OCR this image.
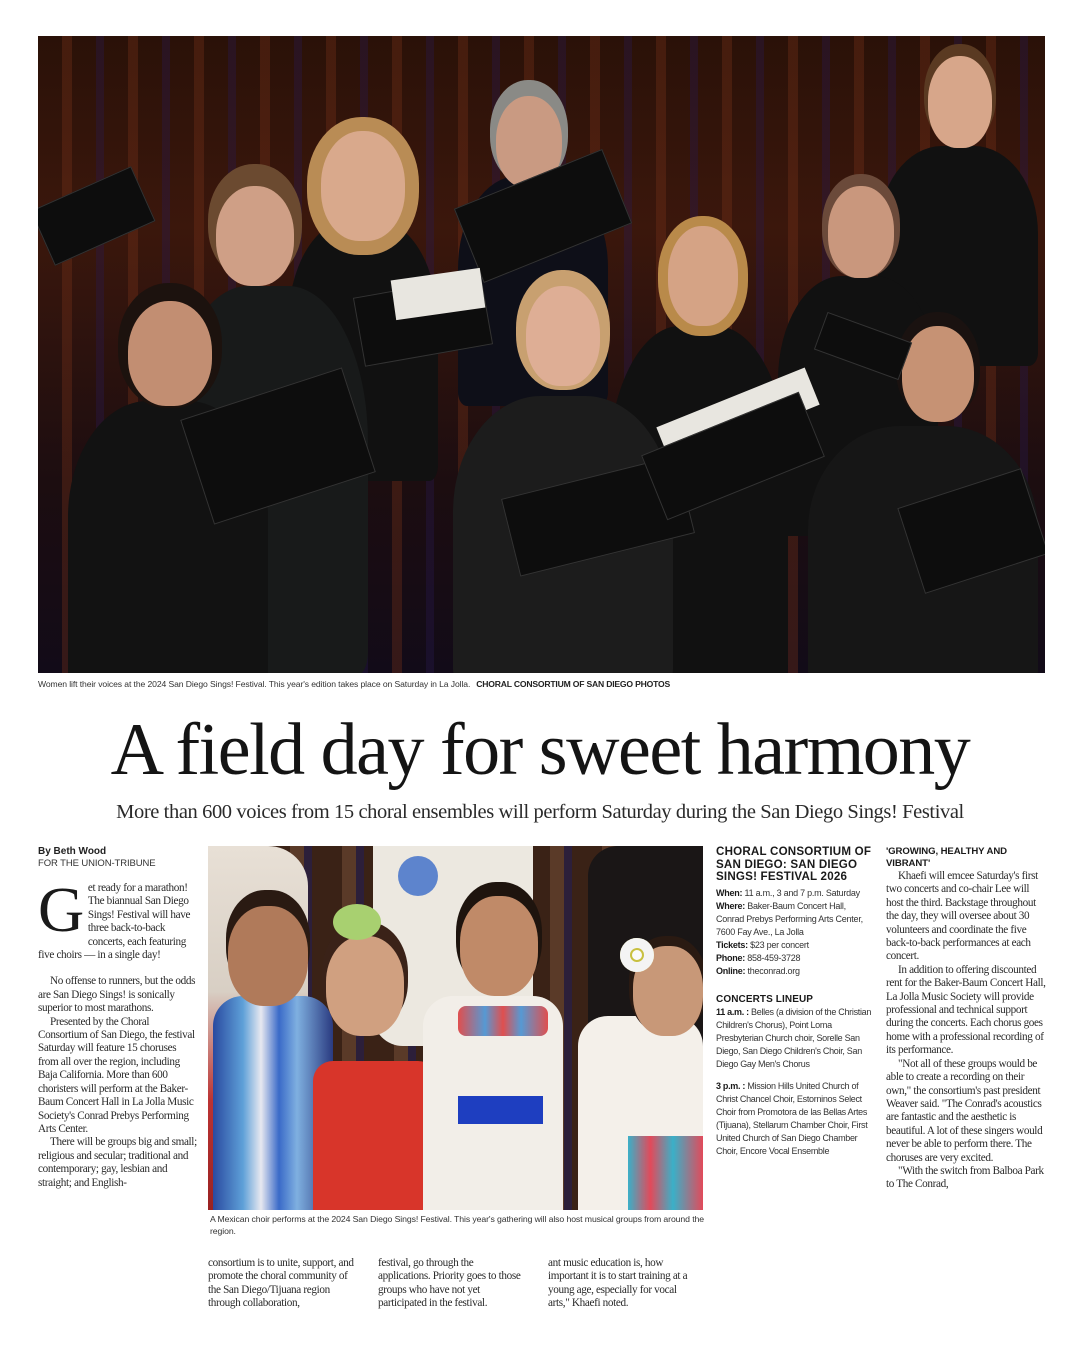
Women lift their voices at the 2024 San Diego Sings! Festival. This year's edition takes place on Saturday in La Jolla. CHORAL CONSORTIUM OF SAN DIEGO PHOTOS
A field day for sweet harmony
More than 600 voices from 15 choral ensembles will perform Saturday during the San Diego Sings! Festival
By Beth Wood
FOR THE UNION-TRIBUNE

Get ready for a marathon! The biannual San Diego Sings! Festival will have three back-to-back concerts, each featuring five choirs — in a single day!

No offense to runners, but the odds are San Diego Sings! is sonically superior to most marathons.

Presented by the Choral Consortium of San Diego, the festival Saturday will feature 15 choruses from all over the region, including Baja California. More than 600 choristers will perform at the Baker-Baum Concert Hall in La Jolla Music Society's Conrad Prebys Performing Arts Center.

There will be groups big and small; religious and secular; traditional and contemporary; gay, lesbian and straight; and English-

A Mexican choir performs at the 2024 San Diego Sings! Festival. This year's gathering will also host musical groups from around the region.

consortium is to unite, support, and promote the choral community of the San Diego/Tijuana region through collaboration,

festival, go through the applications. Priority goes to those groups who have not yet participated in the festival.

ant music education is, how important it is to start training at a young age, especially for vocal arts," Khaefi noted.

CHORAL CONSORTIUM OF SAN DIEGO: SAN DIEGO SINGS! FESTIVAL 2026
When: 11 a.m., 3 and 7 p.m. Saturday
Where: Baker-Baum Concert Hall, Conrad Prebys Performing Arts Center, 7600 Fay Ave., La Jolla
Tickets: $23 per concert
Phone: 858-459-3728
Online: theconrad.org
CONCERTS LINEUP
11 a.m. : Belles (a division of the Christian Children's Chorus), Point Loma Presbyterian Church choir, Sorelle San Diego, San Diego Children's Choir, San Diego Gay Men's Chorus
3 p.m. : Mission Hills United Church of Christ Chancel Choir, Estorninos Select Choir from Promotora de las Bellas Artes (Tijuana), Stellarum Chamber Choir, First United Church of San Diego Chamber Choir, Encore Vocal Ensemble
'GROWING, HEALTHY AND VIBRANT'

Khaefi will emcee Saturday's first two concerts and co-chair Lee will host the third. Backstage throughout the day, they will oversee about 30 volunteers and coordinate the five back-to-back performances at each concert.

In addition to offering discounted rent for the Baker-Baum Concert Hall, La Jolla Music Society will provide professional and technical support during the concerts. Each chorus goes home with a professional recording of its performance.

"Not all of these groups would be able to create a recording on their own," the consortium's past president Weaver said. "The Conrad's acoustics are fantastic and the aesthetic is beautiful. A lot of these singers would never be able to perform there. The choruses are very excited.

"With the switch from Balboa Park to The Conrad,
